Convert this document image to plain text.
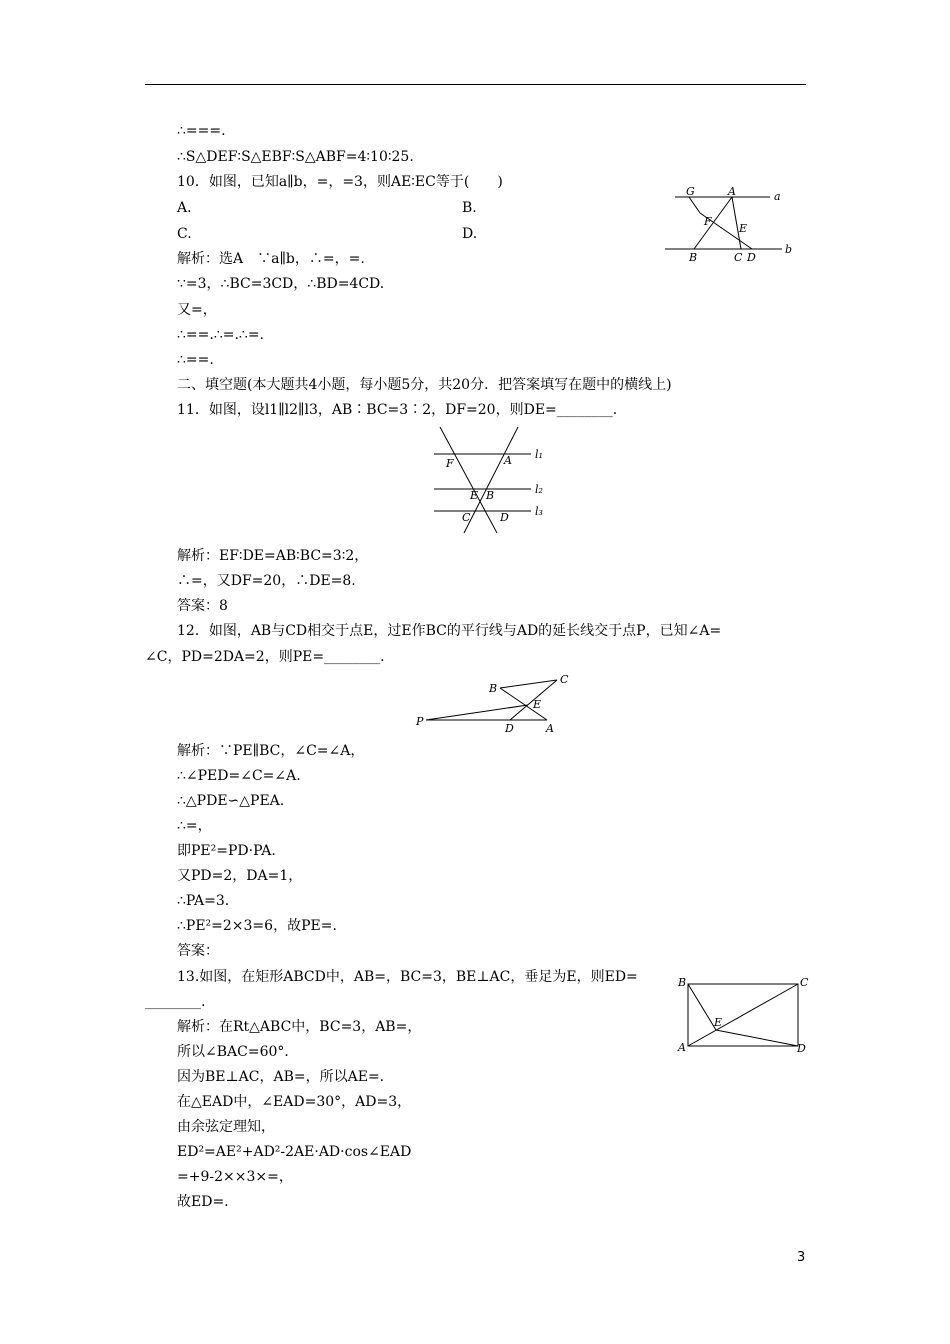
∴===.
∴S△DEF∶S△EBF∶S△ABF=4∶10∶25.
10．如图，已知a∥b，=，=3，则AE∶EC等于(　　)
A.	B.
C.	D.
解析：选A　∵a∥b，∴=，=.
∵=3，∴BC=3CD，∴BD=4CD.
又=，
∴==.∴=.∴=.
∴==.
二、填空题(本大题共4小题，每小题5分，共20分．把答案填写在题中的横线上)
11．如图，设l1∥l2∥l3，AB∶BC=3∶2，DF=20，则DE=________.
解析：EF∶DE=AB∶BC=3∶2，
∴=，又DF=20，∴DE=8.
答案：8
12．如图，AB与CD相交于点E，过E作BC的平行线与AD的延长线交于点P，已知∠A=
∠C，PD=2DA=2，则PE=________.
解析：∵PE∥BC，∠C=∠A，
∴∠PED=∠C=∠A.
∴△PDE∽△PEA.
∴=，
即PE²=PD·PA.
又PD=2，DA=1，
∴PA=3.
∴PE²=2×3=6，故PE=.
答案：
13.如图，在矩形ABCD中，AB=，BC=3，BE⊥AC，垂足为E，则ED=
________.
解析：在Rt△ABC中，BC=3，AB=，
所以∠BAC=60°．
因为BE⊥AC，AB=，所以AE=.
在△EAD中，∠EAD=30°，AD=3，
由余弦定理知，
ED²=AE²+AD²-2AE·AD·cos∠EAD
=+9-2××3×=，
故ED=.
G	A	a
F
E
B	C D
b
F	A l₁
E B	l₂
C	D l₃
B
C
E
P
D	A
B	C
E
A	D
3
